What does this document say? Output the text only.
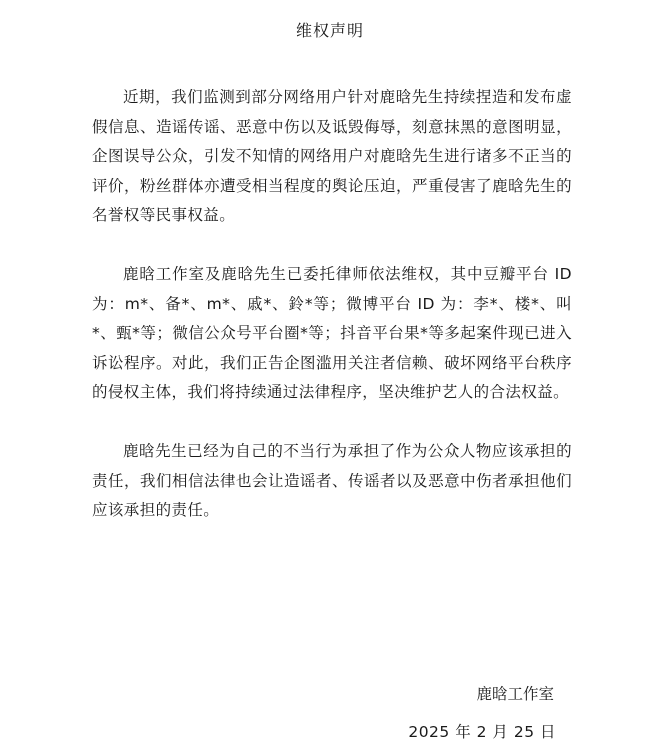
维权声明

近期，我们监测到部分网络用户针对鹿晗先生持续捏造和发布虚假信息、造谣传谣、恶意中伤以及诋毁侮辱，刻意抹黑的意图明显，企图误导公众，引发不知情的网络用户对鹿晗先生进行诸多不正当的评价，粉丝群体亦遭受相当程度的舆论压迫，严重侵害了鹿晗先生的名誉权等民事权益。

鹿晗工作室及鹿晗先生已委托律师依法维权，其中豆瓣平台 ID 为：m*、备*、m*、戚*、鈴*等；微博平台 ID 为：李*、楼*、叫*、甄*等；微信公众号平台圈*等；抖音平台果*等多起案件现已进入诉讼程序。对此，我们正告企图滥用关注者信赖、破坏网络平台秩序的侵权主体，我们将持续通过法律程序，坚决维护艺人的合法权益。

鹿晗先生已经为自己的不当行为承担了作为公众人物应该承担的责任，我们相信法律也会让造谣者、传谣者以及恶意中伤者承担他们应该承担的责任。

鹿晗工作室
2025 年 2 月 25 日
